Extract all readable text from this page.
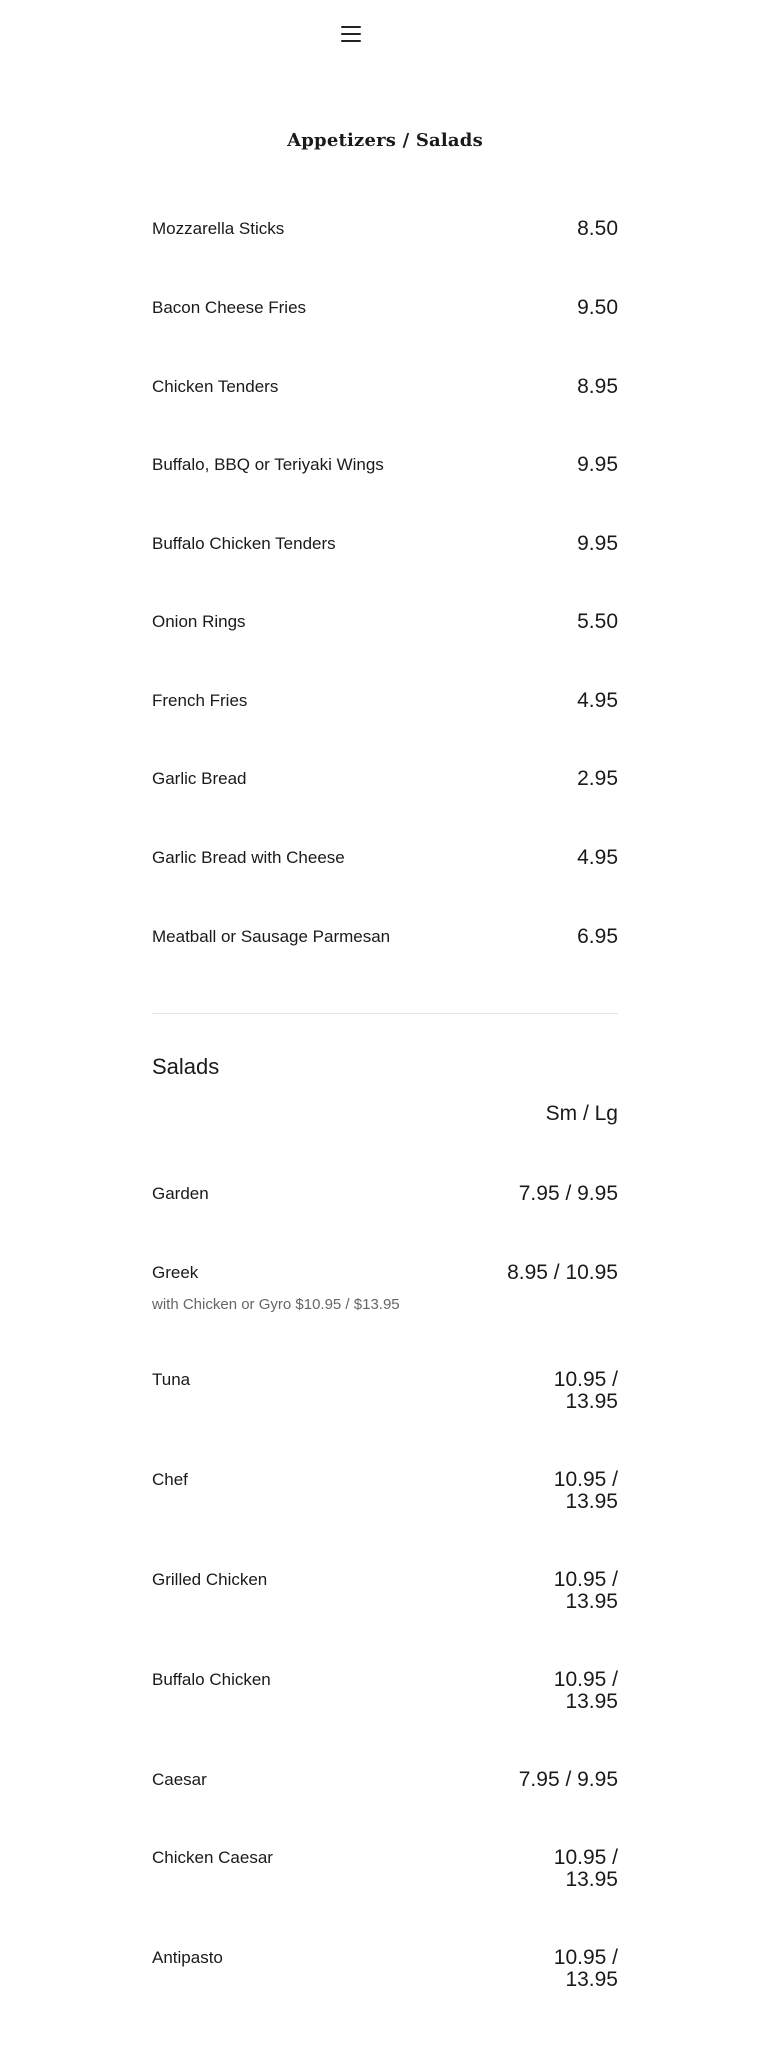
Appetizers / Salads
Mozzarella Sticks	8.50
Bacon Cheese Fries	9.50
Chicken Tenders	8.95
Buffalo, BBQ or Teriyaki Wings	9.95
Buffalo Chicken Tenders	9.95
Onion Rings	5.50
French Fries	4.95
Garlic Bread	2.95
Garlic Bread with Cheese	4.95
Meatball or Sausage Parmesan	6.95
Salads
Sm / Lg
Garden	7.95 / 9.95
Greek	8.95 / 10.95
with Chicken or Gyro $10.95 / $13.95
Tuna	10.95 / 13.95
Chef	10.95 / 13.95
Grilled Chicken	10.95 / 13.95
Buffalo Chicken	10.95 / 13.95
Caesar	7.95 / 9.95
Chicken Caesar	10.95 / 13.95
Antipasto	10.95 / 13.95
